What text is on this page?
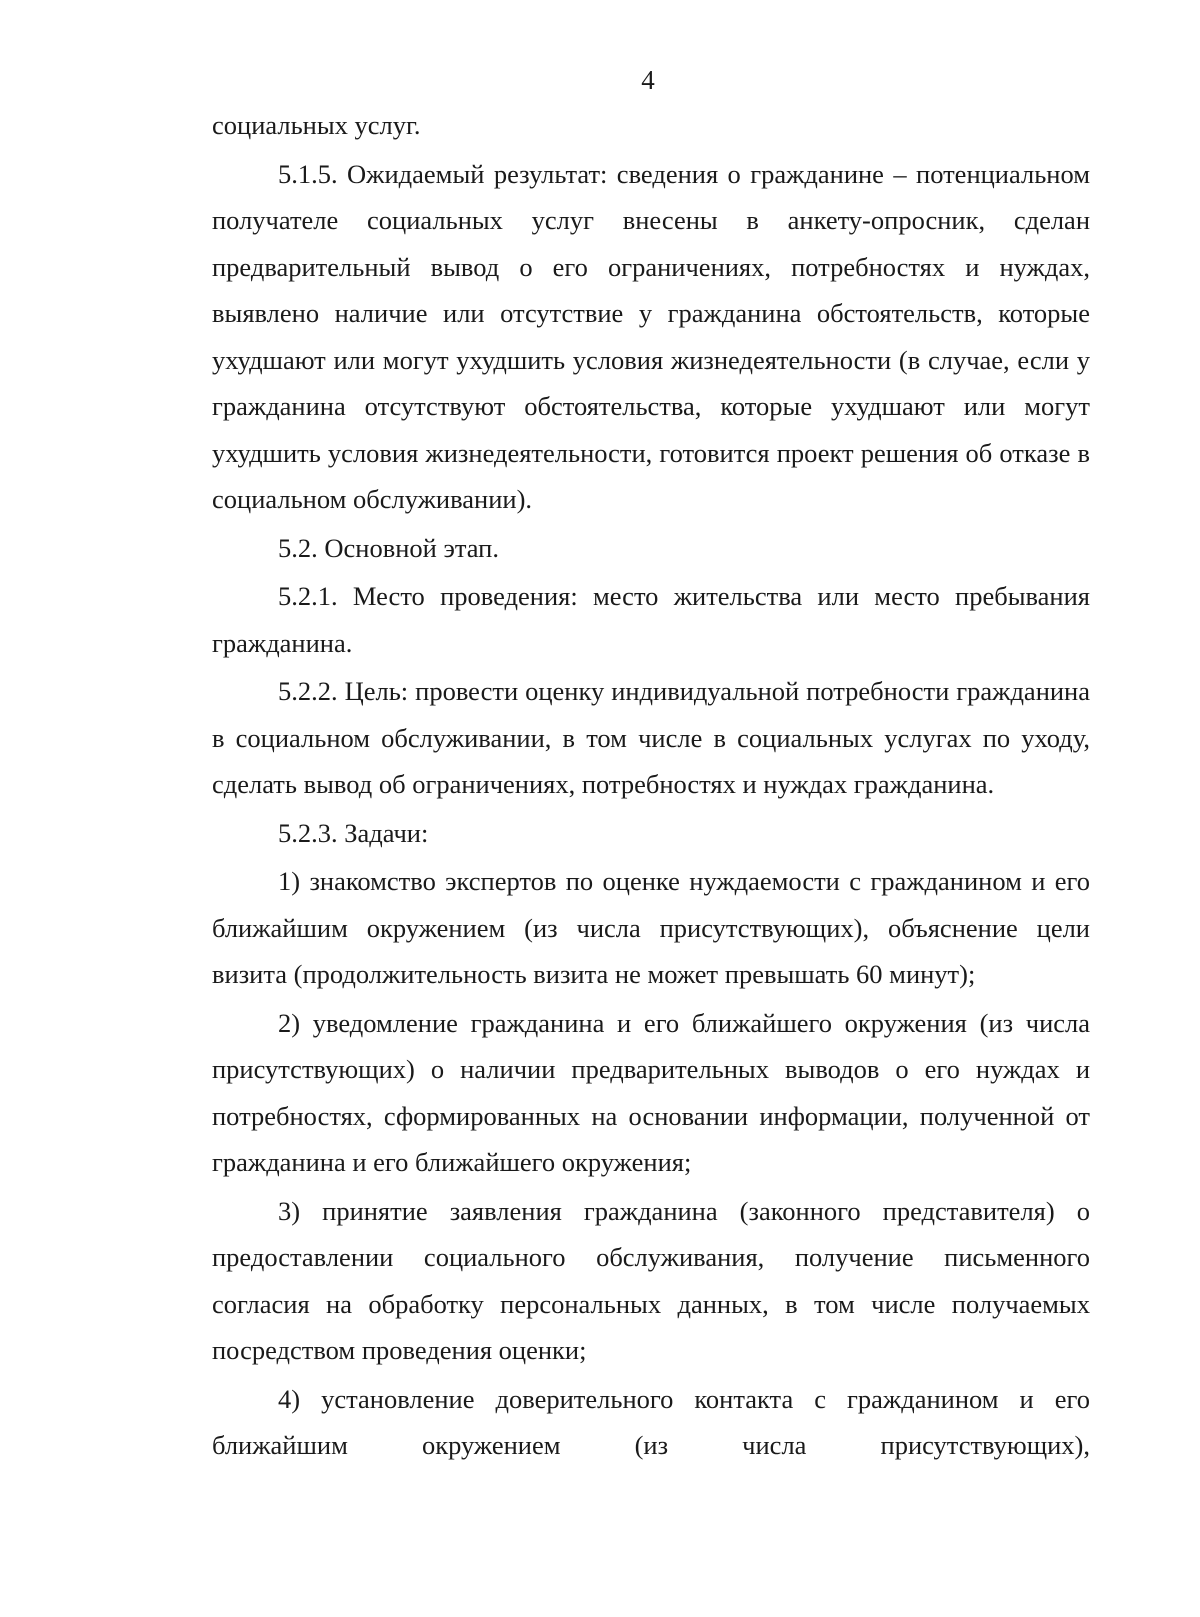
4

социальных услуг.

5.1.5. Ожидаемый результат: сведения о гражданине – потенциальном получателе социальных услуг внесены в анкету-опросник, сделан предварительный вывод о его ограничениях, потребностях и нуждах, выявлено наличие или отсутствие у гражданина обстоятельств, которые ухудшают или могут ухудшить условия жизнедеятельности (в случае, если у гражданина отсутствуют обстоятельства, которые ухудшают или могут ухудшить условия жизнедеятельности, готовится проект решения об отказе в социальном обслуживании).

5.2. Основной этап.

5.2.1. Место проведения: место жительства или место пребывания гражданина.

5.2.2. Цель: провести оценку индивидуальной потребности гражданина в социальном обслуживании, в том числе в социальных услугах по уходу, сделать вывод об ограничениях, потребностях и нуждах гражданина.

5.2.3. Задачи:

1) знакомство экспертов по оценке нуждаемости с гражданином и его ближайшим окружением (из числа присутствующих), объяснение цели визита (продолжительность визита не может превышать 60 минут);

2) уведомление гражданина и его ближайшего окружения (из числа присутствующих) о наличии предварительных выводов о его нуждах и потребностях, сформированных на основании информации, полученной от гражданина и его ближайшего окружения;

3) принятие заявления гражданина (законного представителя) о предоставлении социального обслуживания, получение письменного согласия на обработку персональных данных, в том числе получаемых посредством проведения оценки;

4) установление доверительного контакта с гражданином и его ближайшим окружением (из числа присутствующих),
